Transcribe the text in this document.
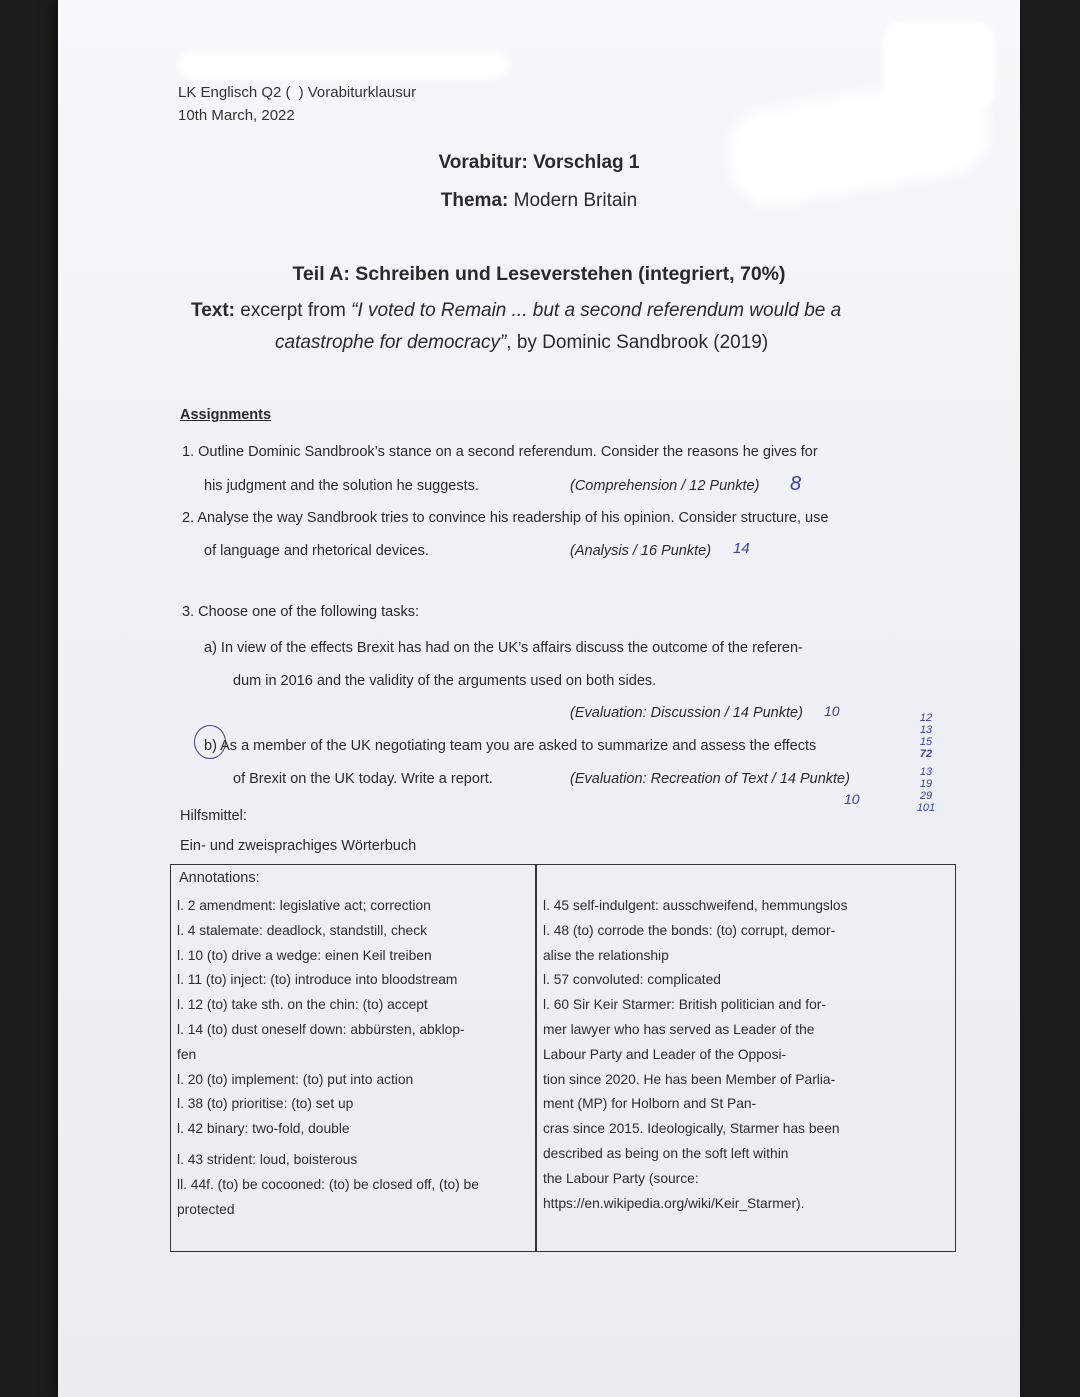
LK Englisch Q2 ( ) Vorabiturklausur
10th March, 2022
Vorabitur: Vorschlag 1
Thema: Modern Britain
Teil A: Schreiben und Leseverstehen (integriert, 70%)
Text: excerpt from “I voted to Remain ... but a second referendum would be a
catastrophe for democracy”, by Dominic Sandbrook (2019)
Assignments
1. Outline Dominic Sandbrook’s stance on a second referendum. Consider the reasons he gives for
his judgment and the solution he suggests.	(Comprehension / 12 Punkte) 8
2. Analyse the way Sandbrook tries to convince his readership of his opinion. Consider structure, use
of language and rhetorical devices.	(Analysis / 16 Punkte) 14
3. Choose one of the following tasks:
a) In view of the effects Brexit has had on the UK’s affairs discuss the outcome of the referen-
dum in 2016 and the validity of the arguments used on both sides.
(Evaluation: Discussion / 14 Punkte) 10
b) As a member of the UK negotiating team you are asked to summarize and assess the effects
of Brexit on the UK today. Write a report.	(Evaluation: Recreation of Text / 14 Punkte)
10
12
13
15
72
13
19
29
101
Hilfsmittel:
Ein- und zweisprachiges Wörterbuch
Annotations:
l. 2 amendment: legislative act; correction
l. 4 stalemate: deadlock, standstill, check
l. 10 (to) drive a wedge: einen Keil treiben
l. 11 (to) inject: (to) introduce into bloodstream
l. 12 (to) take sth. on the chin: (to) accept
l. 14 (to) dust oneself down: abbürsten, abklop-
fen
l. 20 (to) implement: (to) put into action
l. 38 (to) prioritise: (to) set up
l. 42 binary: two-fold, double
l. 43 strident: loud, boisterous
ll. 44f. (to) be cocooned: (to) be closed off, (to) be
protected
l. 45 self-indulgent: ausschweifend, hemmungslos
l. 48 (to) corrode the bonds: (to) corrupt, demor-
alise the relationship
l. 57 convoluted: complicated
l. 60 Sir Keir Starmer: British politician and for-
mer lawyer who has served as Leader of the
Labour Party and Leader of the Opposi-
tion since 2020. He has been Member of Parlia-
ment (MP) for Holborn and St Pan-
cras since 2015. Ideologically, Starmer has been
described as being on the soft left within
the Labour Party (source:
https://en.wikipedia.org/wiki/Keir_Starmer).
